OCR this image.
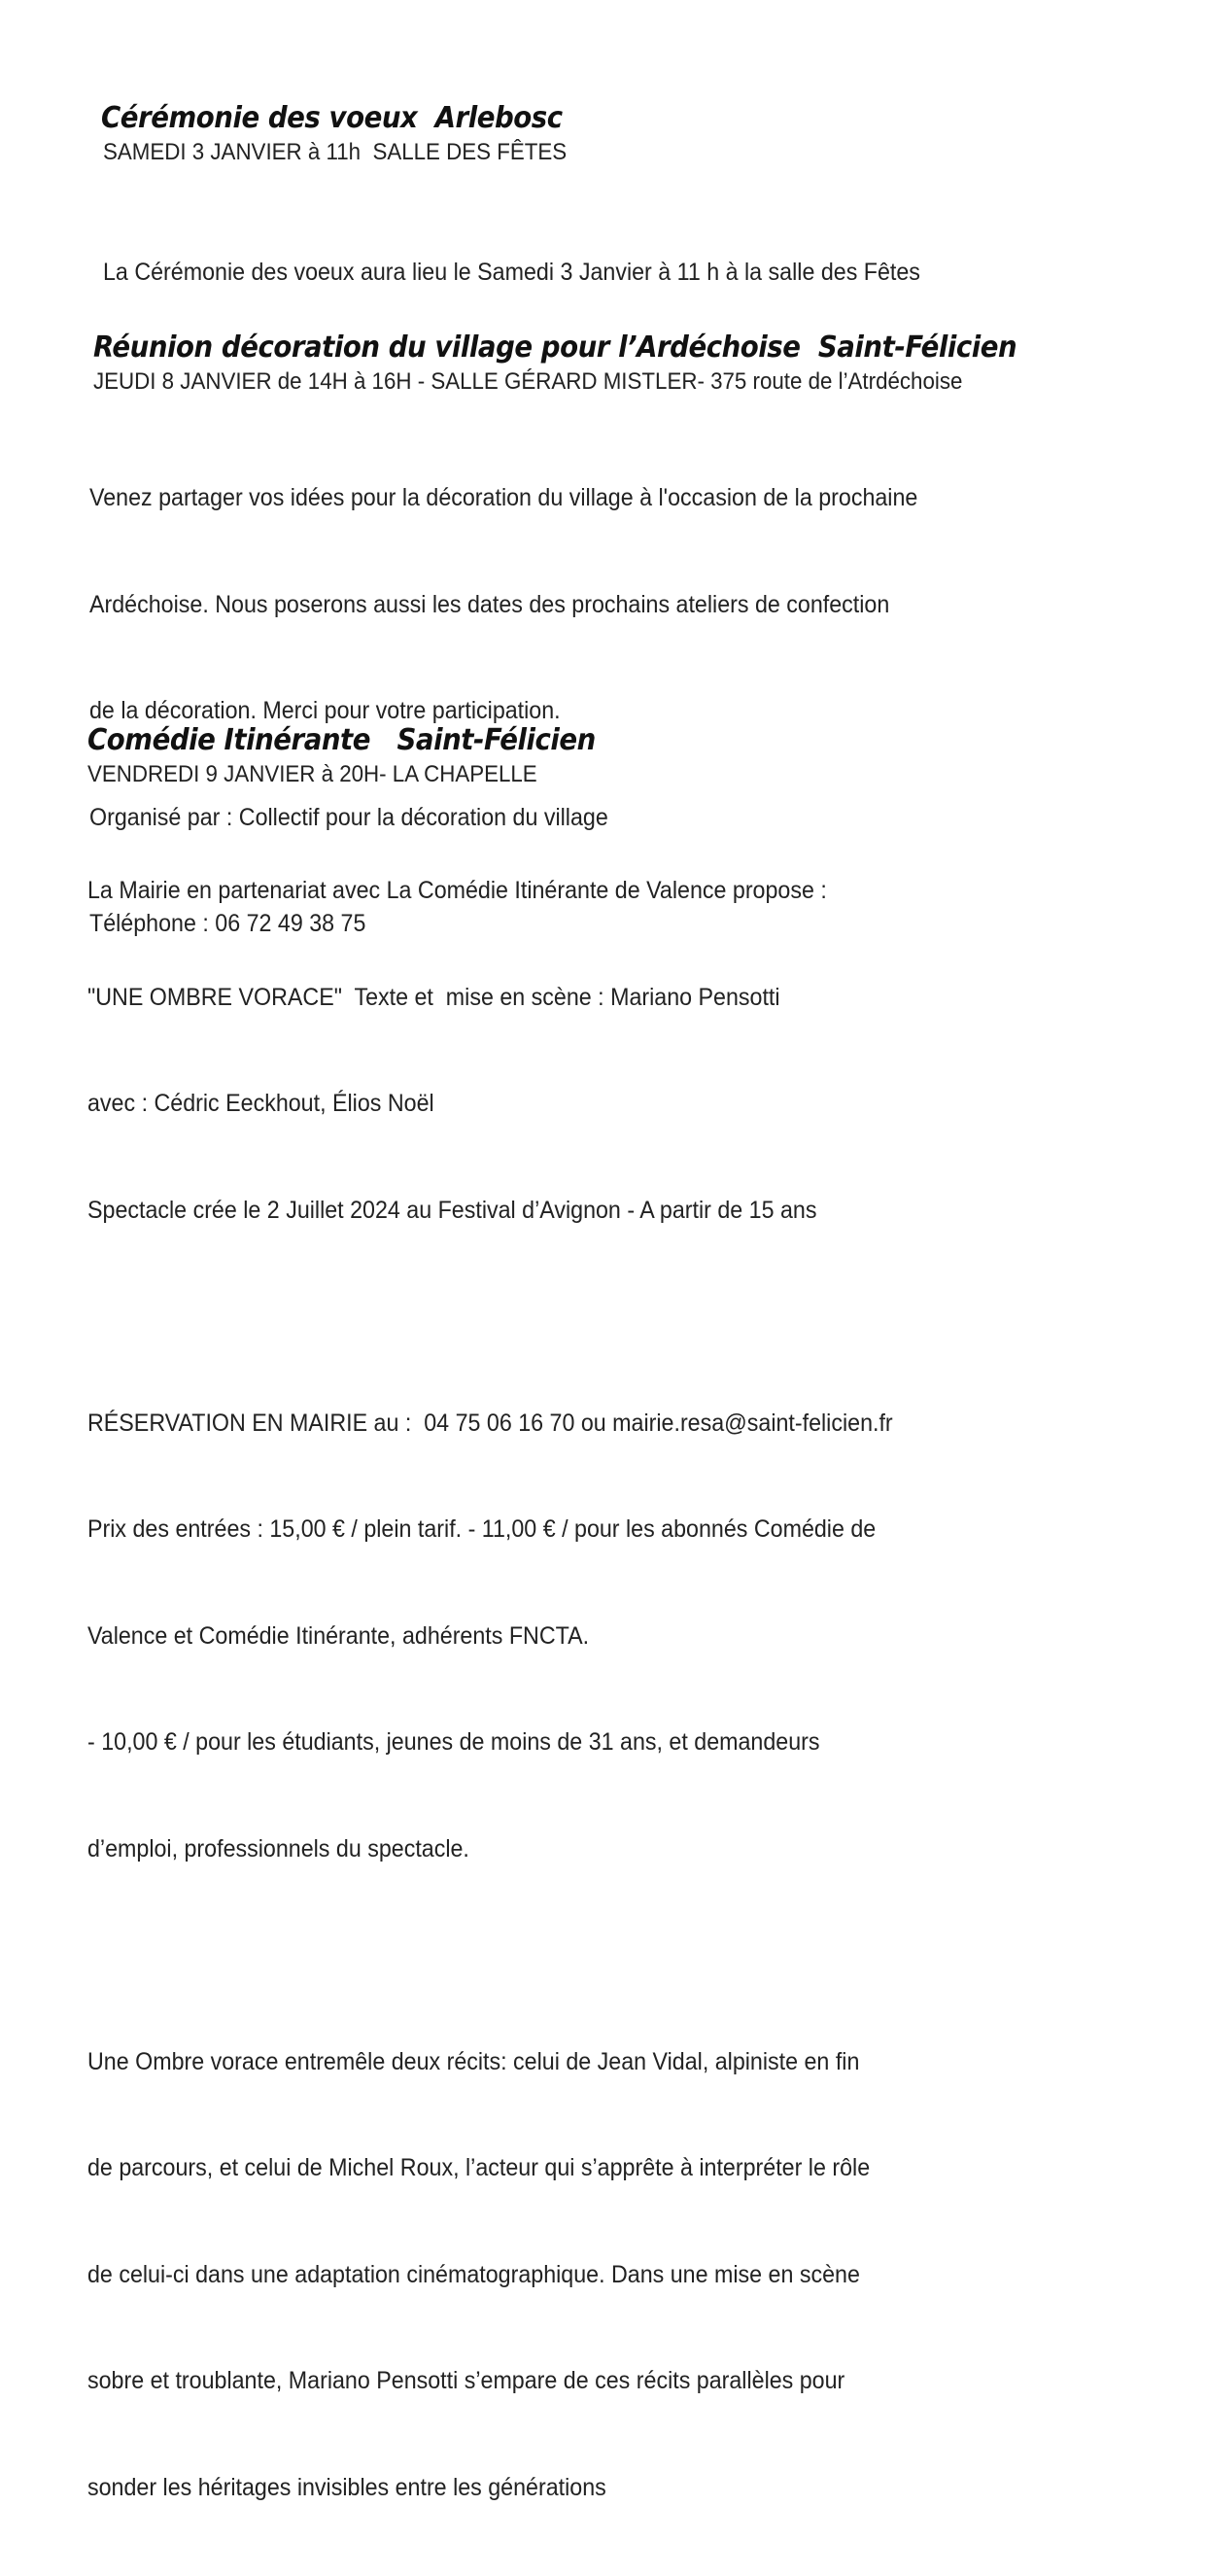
Cérémonie des voeux  Arlebosc
SAMEDI 3 JANVIER à 11h  SALLE DES FÊTES

La Cérémonie des voeux aura lieu le Samedi 3 Janvier à 11 h à la salle des Fêtes

Réunion décoration du village pour l’Ardéchoise  Saint-Félicien
JEUDI 8 JANVIER de 14H à 16H - SALLE GÉRARD MISTLER- 375 route de l’Atrdéchoise

Venez partager vos idées pour la décoration du village à l'occasion de la prochaine

Ardéchoise. Nous poserons aussi les dates des prochains ateliers de confection

de la décoration. Merci pour votre participation.

Organisé par : Collectif pour la décoration du village

Téléphone : 06 72 49 38 75

Comédie Itinérante   Saint-Félicien
VENDREDI 9 JANVIER à 20H- LA CHAPELLE

La Mairie en partenariat avec La Comédie Itinérante de Valence propose :

"UNE OMBRE VORACE"  Texte et  mise en scène : Mariano Pensotti

avec : Cédric Eeckhout, Élios Noël

Spectacle crée le 2 Juillet 2024 au Festival d’Avignon - A partir de 15 ans

RÉSERVATION EN MAIRIE au :  04 75 06 16 70 ou mairie.resa@saint-felicien.fr

Prix des entrées : 15,00 € / plein tarif. - 11,00 € / pour les abonnés Comédie de

Valence et Comédie Itinérante, adhérents FNCTA.

- 10,00 € / pour les étudiants, jeunes de moins de 31 ans, et demandeurs

d’emploi, professionnels du spectacle.

Une Ombre vorace entremêle deux récits: celui de Jean Vidal, alpiniste en fin

de parcours, et celui de Michel Roux, l’acteur qui s’apprête à interpréter le rôle

de celui-ci dans une adaptation cinématographique. Dans une mise en scène

sobre et troublante, Mariano Pensotti s’empare de ces récits parallèles pour

sonder les héritages invisibles entre les générations
